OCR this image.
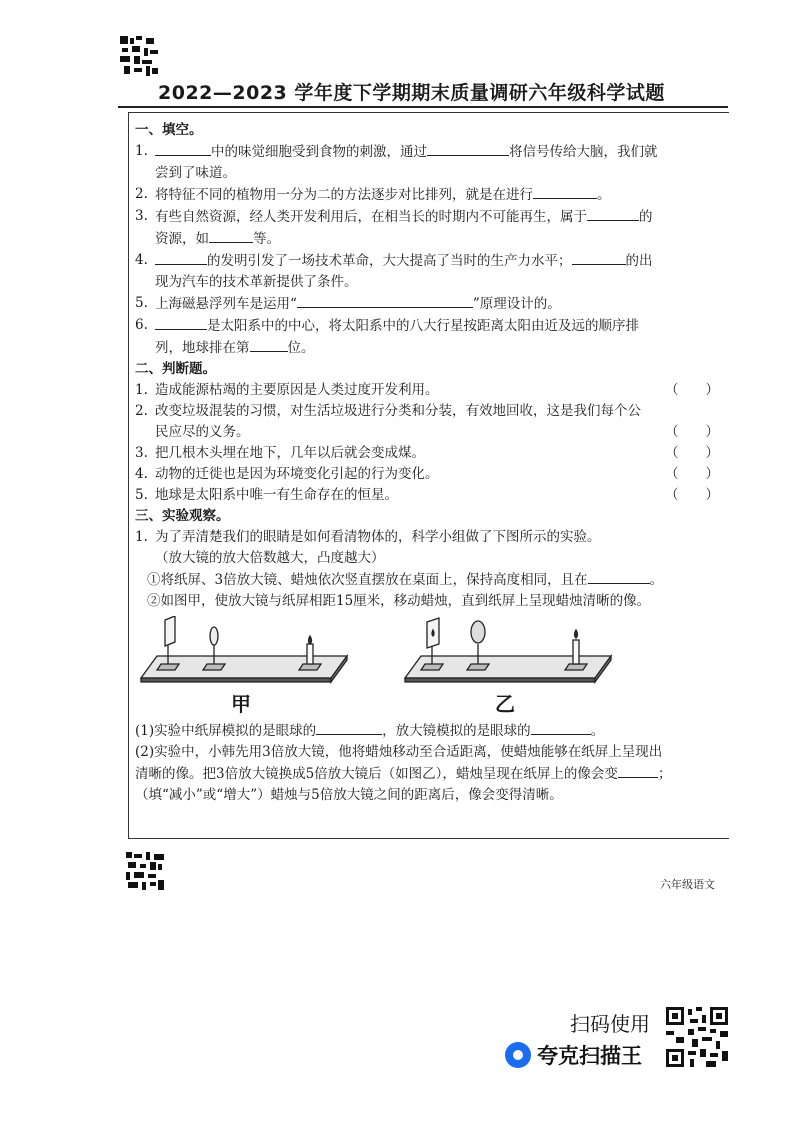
2022—2023 学年度下学期期末质量调研六年级科学试题

一、填空。

1.	中的味觉细胞受到食物的刺激，通过	将信号传给大脑，我们就
尝到了味道。
2. 将特征不同的植物用一分为二的方法逐步对比排列，就是在进行	。
3. 有些自然资源，经人类开发利用后，在相当长的时期内不可能再生，属于	的
资源，如	等。
4.	的发明引发了一场技术革命，大大提高了当时的生产力水平；	的出
现为汽车的技术革新提供了条件。
5. 上海磁悬浮列车是运用“	”原理设计的。
6.	是太阳系中的中心，将太阳系中的八大行星按距离太阳由近及远的顺序排
列，地球排在第	位。

二、判断题。

1. 造成能源枯竭的主要原因是人类过度开发利用。	（　　）
2. 改变垃圾混装的习惯，对生活垃圾进行分类和分装，有效地回收，这是我们每个公
民应尽的义务。	（　　）
3. 把几根木头埋在地下，几年以后就会变成煤。	（　　）
4. 动物的迁徙也是因为环境变化引起的行为变化。	（　　）
5. 地球是太阳系中唯一有生命存在的恒星。	（　　）

三、实验观察。

1. 为了弄清楚我们的眼睛是如何看清物体的，科学小组做了下图所示的实验。

（放大镜的放大倍数越大，凸度越大）

①将纸屏、3倍放大镜、蜡烛依次竖直摆放在桌面上，保持高度相同，且在	。

②如图甲，使放大镜与纸屏相距15厘米，移动蜡烛，直到纸屏上呈现蜡烛清晰的像。

甲	乙

(1)实验中纸屏模拟的是眼球的	，放大镜模拟的是眼球的	。

(2)实验中，小韩先用3倍放大镜，他将蜡烛移动至合适距离，使蜡烛能够在纸屏上呈现出
清晰的像。把3倍放大镜换成5倍放大镜后（如图乙），蜡烛呈现在纸屏上的像会变	；
（填“减小”或“增大”）蜡烛与5倍放大镜之间的距离后，像会变得清晰。

六年级语文
扫码使用
夸克扫描王
